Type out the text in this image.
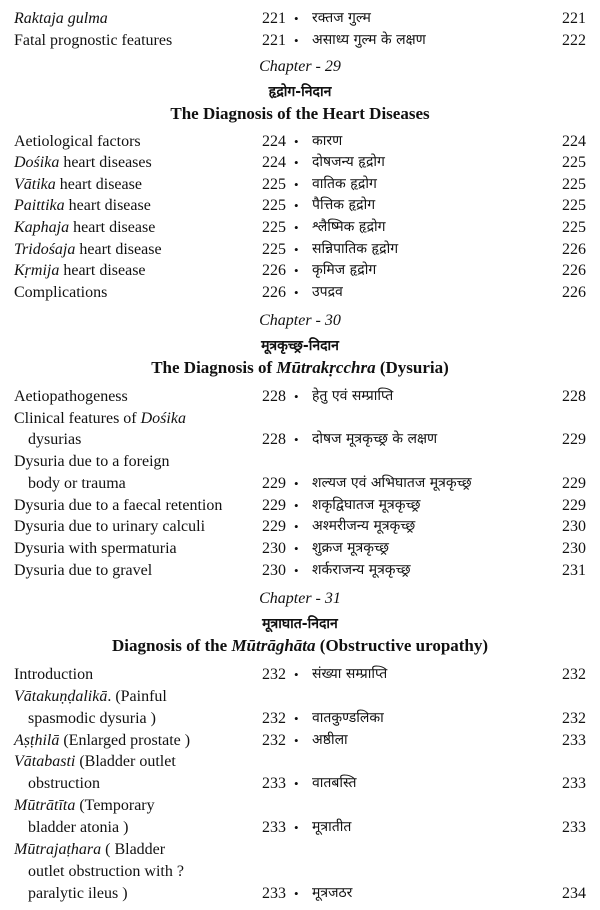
Raktaja gulma	221 • रक्तज गुल्म	221
Fatal prognostic features	221 • असाध्य गुल्म के लक्षण	222
Chapter - 29
हृद्रोग-निदान
The Diagnosis of the Heart Diseases
Aetiological factors	224 • कारण	224
Dośika heart diseases	224 • दोषजन्य हृद्रोग	225
Vātika heart disease	225 • वातिक हृद्रोग	225
Paittika heart disease	225 • पैत्तिक हृद्रोग	225
Kaphaja heart disease	225 • श्लैष्मिक हृद्रोग	225
Tridośaja heart disease	225 • सन्निपातिक हृद्रोग	226
Kṛmija heart disease	226 • कृमिज हृद्रोग	226
Complications	226 • उपद्रव	226
Chapter - 30
मूत्रकृच्छ्र-निदान
The Diagnosis of Mūtrakṛcchra (Dysuria)
Aetiopathogeness	228 • हेतु एवं सम्प्राप्ति	228
Clinical features of Dośika
dysurias	228 • दोषज मूत्रकृच्छ्र के लक्षण	229
Dysuria due to a foreign
body or trauma	229 • शल्यज एवं अभिघातज मूत्रकृच्छ्र	229
Dysuria due to a faecal retention	229 • शकृद्विघातज मूत्रकृच्छ्र	229
Dysuria due to urinary calculi	229 • अश्मरीजन्य मूत्रकृच्छ्र	230
Dysuria with spermaturia	230 • शुक्रज मूत्रकृच्छ्र	230
Dysuria due to gravel	230 • शर्कराजन्य मूत्रकृच्छ्र	231
Chapter - 31
मूत्राघात-निदान
Diagnosis of the Mūtrāghāta (Obstructive uropathy)
Introduction	232 • संख्या सम्प्राप्ति	232
Vātakuṇḍalikā. (Painful
spasmodic dysuria )	232 • वातकुण्डलिका	232
Aṣṭhilā (Enlarged prostate )	232 • अष्ठीला	233
Vātabasti (Bladder outlet
obstruction	233 • वातबस्ति	233
Mūtrātīta (Temporary
bladder atonia )	233 • मूत्रातीत	233
Mūtrajaṭhara ( Bladder
outlet obstruction with ?
paralytic ileus )	233 • मूत्रजठर	234
